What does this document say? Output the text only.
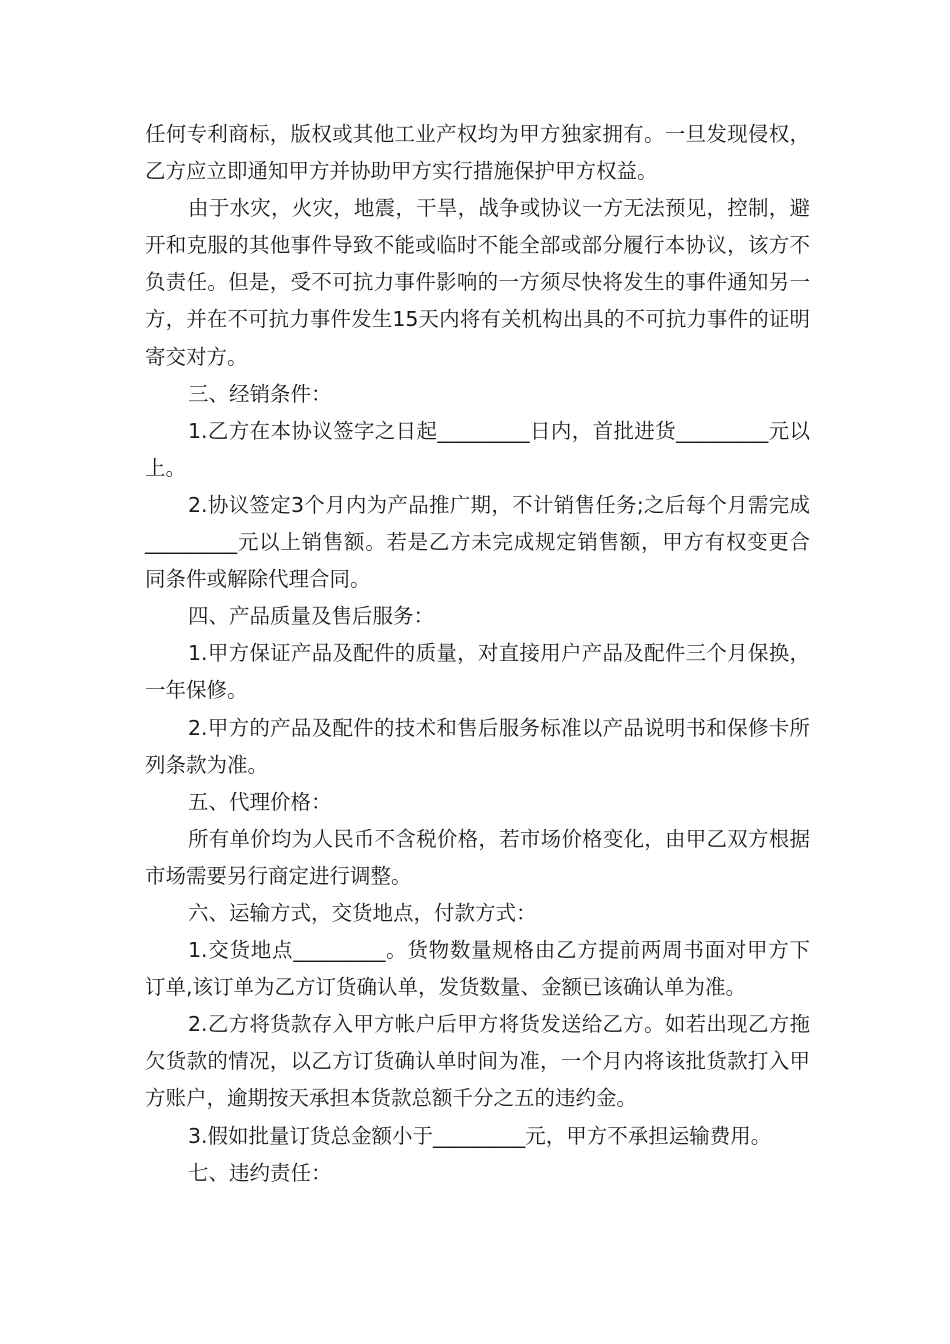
任何专利商标，版权或其他工业产权均为甲方独家拥有。一旦发现侵权，乙方应立即通知甲方并协助甲方实行措施保护甲方权益。

由于水灾，火灾，地震，干旱，战争或协议一方无法预见，控制，避开和克服的其他事件导致不能或临时不能全部或部分履行本协议，该方不负责任。但是，受不可抗力事件影响的一方须尽快将发生的事件通知另一方，并在不可抗力事件发生15天内将有关机构出具的不可抗力事件的证明寄交对方。

三、经销条件：

1.乙方在本协议签字之日起_________日内，首批进货_________元以上。

2.协议签定3个月内为产品推广期，不计销售任务;之后每个月需完成_________元以上销售额。若是乙方未完成规定销售额，甲方有权变更合同条件或解除代理合同。

四、产品质量及售后服务：

1.甲方保证产品及配件的质量，对直接用户产品及配件三个月保换，一年保修。

2.甲方的产品及配件的技术和售后服务标准以产品说明书和保修卡所列条款为准。

五、代理价格：

所有单价均为人民币不含税价格，若市场价格变化，由甲乙双方根据市场需要另行商定进行调整。

六、运输方式，交货地点，付款方式：

1.交货地点_________。货物数量规格由乙方提前两周书面对甲方下订单,该订单为乙方订货确认单，发货数量、金额已该确认单为准。

2.乙方将货款存入甲方帐户后甲方将货发送给乙方。如若出现乙方拖欠货款的情况，以乙方订货确认单时间为准，一个月内将该批货款打入甲方账户，逾期按天承担本货款总额千分之五的违约金。

3.假如批量订货总金额小于_________元，甲方不承担运输费用。

七、违约责任：
